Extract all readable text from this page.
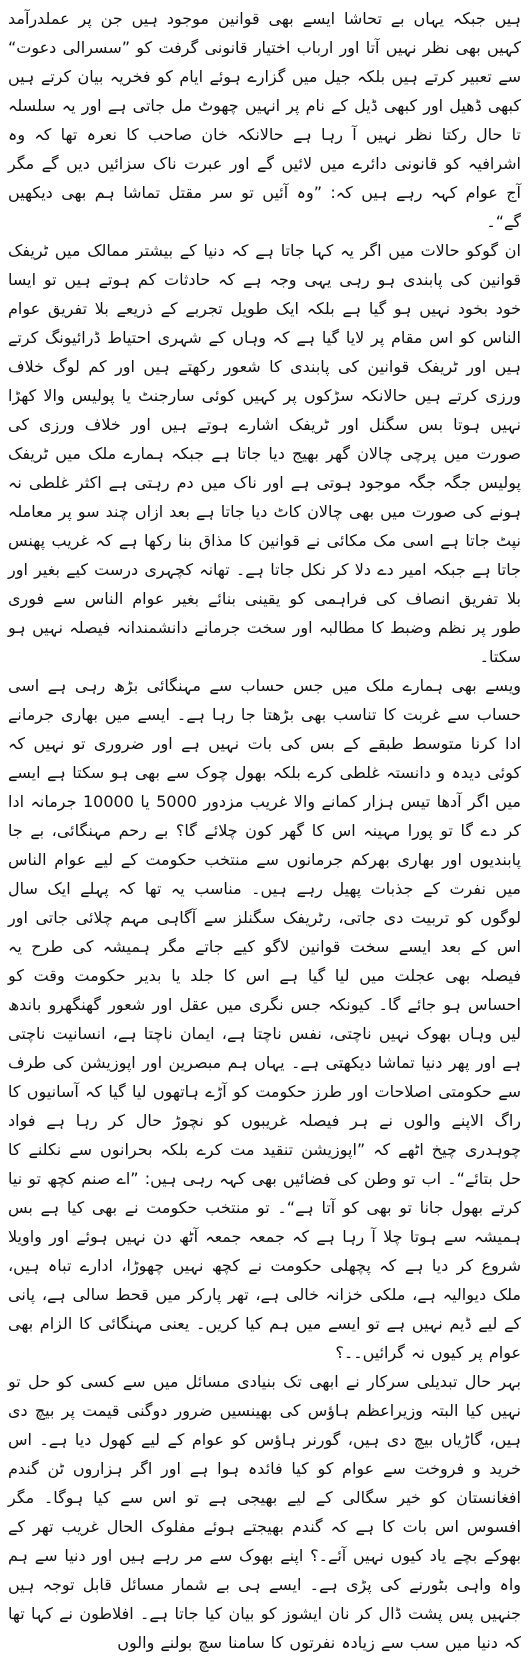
ہیں جبکہ یہاں بے تحاشا ایسے بھی قوانین موجود ہیں جن پر عملدرآمد کہیں بھی نظر نہیں آتا اور ارباب اختیار قانونی گرفت کو ”سسرالی دعوت“ سے تعبیر کرتے ہیں بلکہ جیل میں گزارے ہوئے ایام کو فخریہ بیان کرتے ہیں کبھی ڈھیل اور کبھی ڈیل کے نام پر انہیں چھوٹ مل جاتی ہے اور یہ سلسلہ تا حال رکتا نظر نہیں آ رہا ہے حالانکہ خان صاحب کا نعرہ تھا کہ وہ اشرافیہ کو قانونی دائرے میں لائیں گے اور عبرت ناک سزائیں دیں گے مگر آج عوام کہہ رہے ہیں کہ: ”وہ آئیں تو سر مقتل تماشا ہم بھی دیکھیں گے“۔

ان گوکو حالات میں اگر یہ کہا جاتا ہے کہ دنیا کے بیشتر ممالک میں ٹریفک قوانین کی پابندی ہو رہی یہی وجہ ہے کہ حادثات کم ہوتے ہیں تو ایسا خود بخود نہیں ہو گیا ہے بلکہ ایک طویل تجربے کے ذریعے بلا تفریق عوام الناس کو اس مقام پر لایا گیا ہے کہ وہاں کے شہری احتیاط ڈرائیونگ کرتے ہیں اور ٹریفک قوانین کی پابندی کا شعور رکھتے ہیں اور کم لوگ خلاف ورزی کرتے ہیں حالانکہ سڑکوں پر کہیں کوئی سارجنٹ یا پولیس والا کھڑا نہیں ہوتا بس سگنل اور ٹریفک اشارے ہوتے ہیں اور خلاف ورزی کی صورت میں پرچی چالان گھر بھیج دیا جاتا ہے جبکہ ہمارے ملک میں ٹریفک پولیس جگہ جگہ موجود ہوتی ہے اور ناک میں دم رہتی ہے اکثر غلطی نہ ہونے کی صورت میں بھی چالان کاٹ دیا جاتا ہے بعد ازاں چند سو پر معاملہ نپٹ جاتا ہے اسی مک مکائی نے قوانین کا مذاق بنا رکھا ہے کہ غریب پھنس جاتا ہے جبکہ امیر دے دلا کر نکل جاتا ہے۔ تھانہ کچہری درست کیے بغیر اور بلا تفریق انصاف کی فراہمی کو یقینی بنائے بغیر عوام الناس سے فوری طور پر نظم وضبط کا مطالبہ اور سخت جرمانے دانشمندانہ فیصلہ نہیں ہو سکتا۔

ویسے بھی ہمارے ملک میں جس حساب سے مہنگائی بڑھ رہی ہے اسی حساب سے غربت کا تناسب بھی بڑھتا جا رہا ہے۔ ایسے میں بھاری جرمانے ادا کرنا متوسط طبقے کے بس کی بات نہیں ہے اور ضروری تو نہیں کہ کوئی دیدہ و دانستہ غلطی کرے بلکہ بھول چوک سے بھی ہو سکتا ہے ایسے میں اگر آدھا تیس ہزار کمانے والا غریب مزدور 5000 یا 10000 جرمانہ ادا کر دے گا تو پورا مہینہ اس کا گھر کون چلائے گا؟ بے رحم مہنگائی، بے جا پابندیوں اور بھاری بھرکم جرمانوں سے منتخب حکومت کے لیے عوام الناس میں نفرت کے جذبات پھیل رہے ہیں۔ مناسب یہ تھا کہ پہلے ایک سال لوگوں کو تربیت دی جاتی، رٹریفک سگنلز سے آگاہی مہم چلائی جاتی اور اس کے بعد ایسے سخت قوانین لاگو کیے جاتے مگر ہمیشہ کی طرح یہ فیصلہ بھی عجلت میں لیا گیا ہے اس کا جلد یا بدیر حکومت وقت کو احساس ہو جائے گا۔ کیونکہ جس نگری میں عقل اور شعور گھنگھرو باندھ لیں وہاں بھوک نہیں ناچتی، نفس ناچتا ہے، ایمان ناچتا ہے، انسانیت ناچتی ہے اور پھر دنیا تماشا دیکھتی ہے۔ یہاں ہم مبصرین اور اپوزیشن کی طرف سے حکومتی اصلاحات اور طرز حکومت کو آڑے ہاتھوں لیا گیا کہ آسانیوں کا راگ الاپنے والوں نے ہر فیصلہ غریبوں کو نچوڑ حال کر رہا ہے فواد چوہدری چیخ اٹھے کہ ”اپوزیشن تنقید مت کرے بلکہ بحرانوں سے نکلنے کا حل بتائے“۔ اب تو وطن کی فضائیں بھی کہہ رہی ہیں: ”اے صنم کچھ تو نیا کرتے بھول جانا تو بھی کو آتا ہے“۔ تو منتخب حکومت نے بھی کیا ہے بس ہمیشہ سے ہوتا چلا آ رہا ہے کہ جمعہ جمعہ آٹھ دن نہیں ہوئے اور واویلا شروع کر دیا ہے کہ پچھلی حکومت نے کچھ نہیں چھوڑا، ادارے تباہ ہیں، ملک دیوالیہ ہے، ملکی خزانہ خالی ہے، تھر پارکر میں قحط سالی ہے، پانی کے لیے ڈیم نہیں ہے تو ایسے میں ہم کیا کریں۔ یعنی مہنگائی کا الزام بھی عوام پر کیوں نہ گرائیں۔۔؟

بہر حال تبدیلی سرکار نے ابھی تک بنیادی مسائل میں سے کسی کو حل تو نہیں کیا البتہ وزیراعظم ہاؤس کی بھینسیں ضرور دوگنی قیمت پر بیچ دی ہیں، گاڑیاں بیچ دی ہیں، گورنر ہاؤس کو عوام کے لیے کھول دیا ہے۔ اس خرید و فروخت سے عوام کو کیا فائدہ ہوا ہے اور اگر ہزاروں ٹن گندم افغانستان کو خیر سگالی کے لیے بھیجی ہے تو اس سے کیا ہوگا۔ مگر افسوس اس بات کا ہے کہ گندم بھیجتے ہوئے مفلوک الحال غریب تھر کے بھوکے بچے یاد کیوں نہیں آئے۔؟ اپنے بھوک سے مر رہے ہیں اور دنیا سے ہم واہ واہی بٹورنے کی پڑی ہے۔ ایسے ہی بے شمار مسائل قابل توجہ ہیں جنہیں پس پشت ڈال کر نان ایشوز کو بیان کیا جاتا ہے۔ افلاطون نے کہا تھا کہ دنیا میں سب سے زیادہ نفرتوں کا سامنا سچ بولنے والوں
